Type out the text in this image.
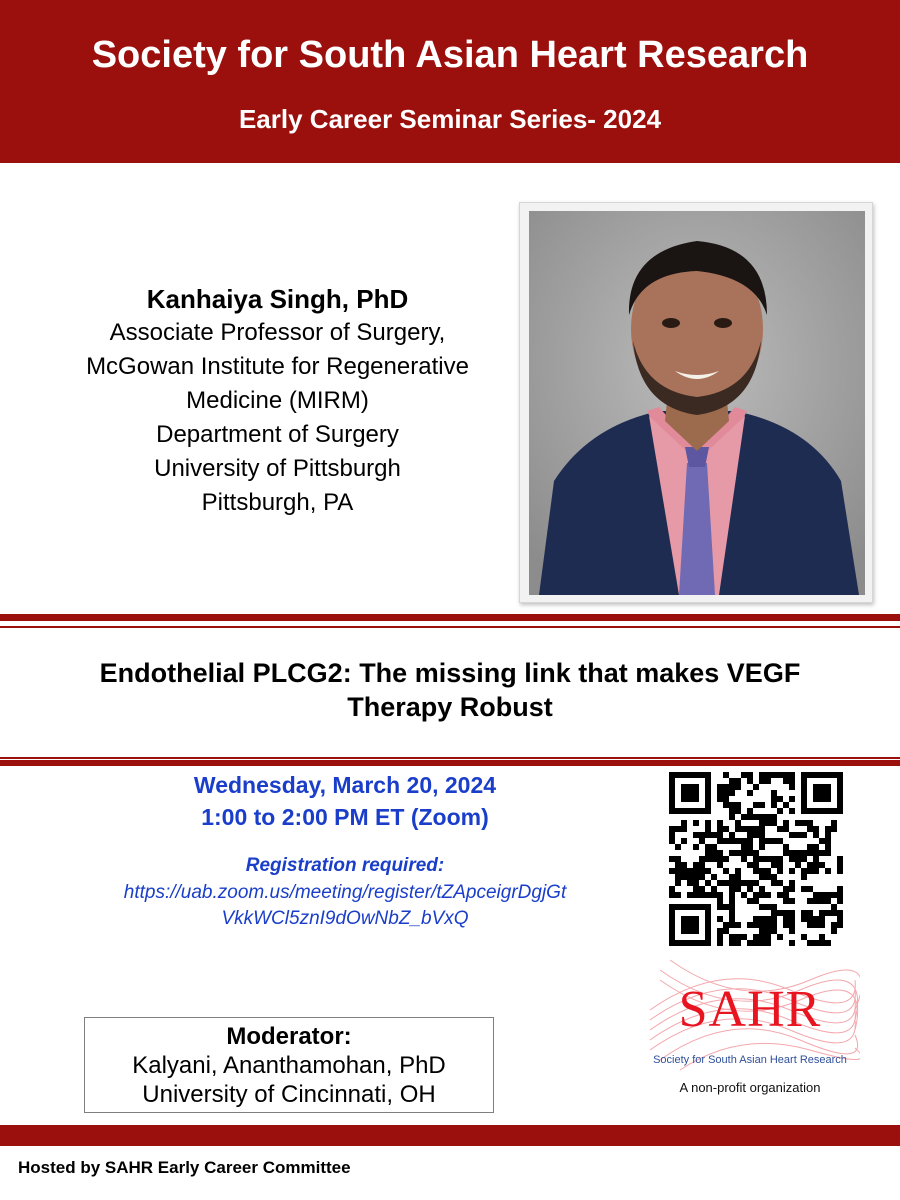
Society for South Asian Heart Research
Early Career Seminar Series- 2024
Kanhaiya Singh, PhD
Associate Professor of Surgery,
McGowan Institute for Regenerative
Medicine (MIRM)
Department of Surgery
University of Pittsburgh
Pittsburgh, PA
Endothelial PLCG2: The missing link that makes VEGF
Therapy Robust
Wednesday, March 20, 2024
1:00 to 2:00 PM ET (Zoom)
Registration required:
https://uab.zoom.us/meeting/register/tZApceigrDgjGt
VkkWCl5znI9dOwNbZ_bVxQ
SAHR
Society for South Asian Heart Research
A non-profit organization
Moderator:
Kalyani, Ananthamohan, PhD
University of Cincinnati, OH
Hosted by SAHR Early Career Committee
